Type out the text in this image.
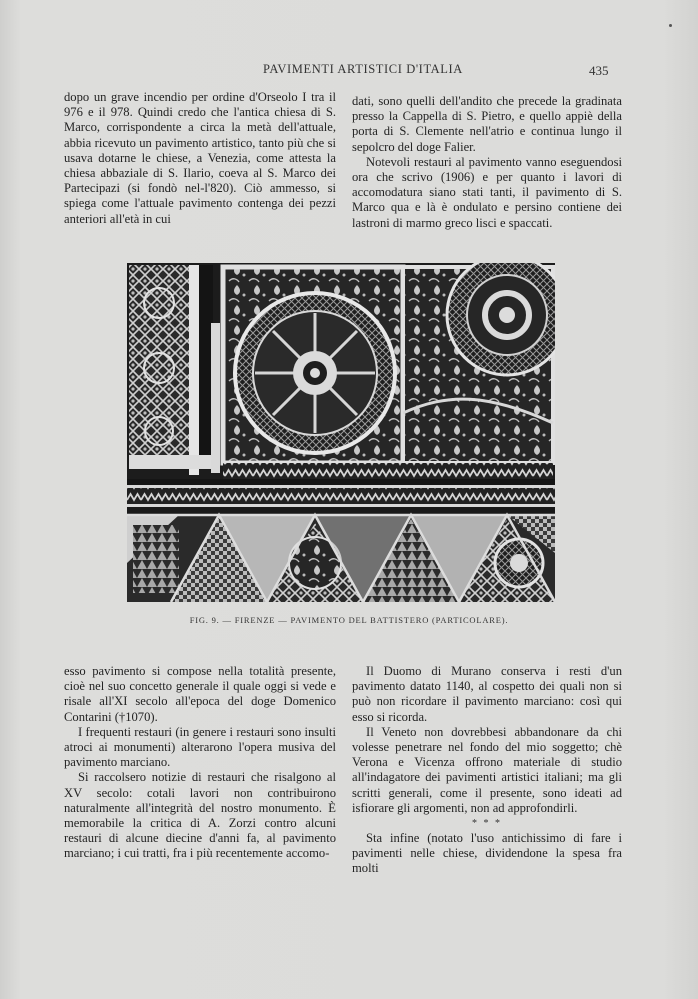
PAVIMENTI ARTISTICI D'ITALIA	435

dopo un grave incendio per ordine d'Orseolo I tra il 976 e il 978. Quindi credo che l'antica chiesa di S. Marco, corrispondente a circa la metà dell'attuale, abbia ricevuto un pavimento artistico, tanto più che si usava dotarne le chiese, a Venezia, come attesta la chiesa abbaziale di S. Ilario, coeva al S. Marco dei Partecipazi (si fondò nel-l'820). Ciò ammesso, si spiega come l'attuale pavimento contenga dei pezzi anteriori all'età in cui

dati, sono quelli dell'andito che precede la gradinata presso la Cappella di S. Pietro, e quello appiè della porta di S. Clemente nell'atrio e continua lungo il sepolcro del doge Falier.

Notevoli restauri al pavimento vanno eseguendosi ora che scrivo (1906) e per quanto i lavori di accomodatura siano stati tanti, il pavimento di S. Marco qua e là è ondulato e persino contiene dei lastroni di marmo greco lisci e spaccati.

FIG. 9. — FIRENZE — PAVIMENTO DEL BATTISTERO (PARTICOLARE).

esso pavimento si compose nella totalità presente, cioè nel suo concetto generale il quale oggi si vede e risale all'XI secolo all'epoca del doge Domenico Contarini (†1070).

I frequenti restauri (in genere i restauri sono insulti atroci ai monumenti) alterarono l'opera musiva del pavimento marciano.

Si raccolsero notizie di restauri che risalgono al XV secolo: cotali lavori non contribuirono naturalmente all'integrità del nostro monumento. È memorabile la critica di A. Zorzi contro alcuni restauri di alcune diecine d'anni fa, al pavimento marciano; i cui tratti, fra i più recentemente accomo-

Il Duomo di Murano conserva i resti d'un pavimento datato 1140, al cospetto dei quali non si può non ricordare il pavimento marciano: così qui esso si ricorda.

Il Veneto non dovrebbesi abbandonare da chi volesse penetrare nel fondo del mio soggetto; chè Verona e Vicenza offrono materiale di studio all'indagatore dei pavimenti artistici italiani; ma gli scritti generali, come il presente, sono ideati ad isfiorare gli argomenti, non ad approfondirli.

* * *

Sta infine (notato l'uso antichissimo di fare i pavimenti nelle chiese, dividendone la spesa fra molti
